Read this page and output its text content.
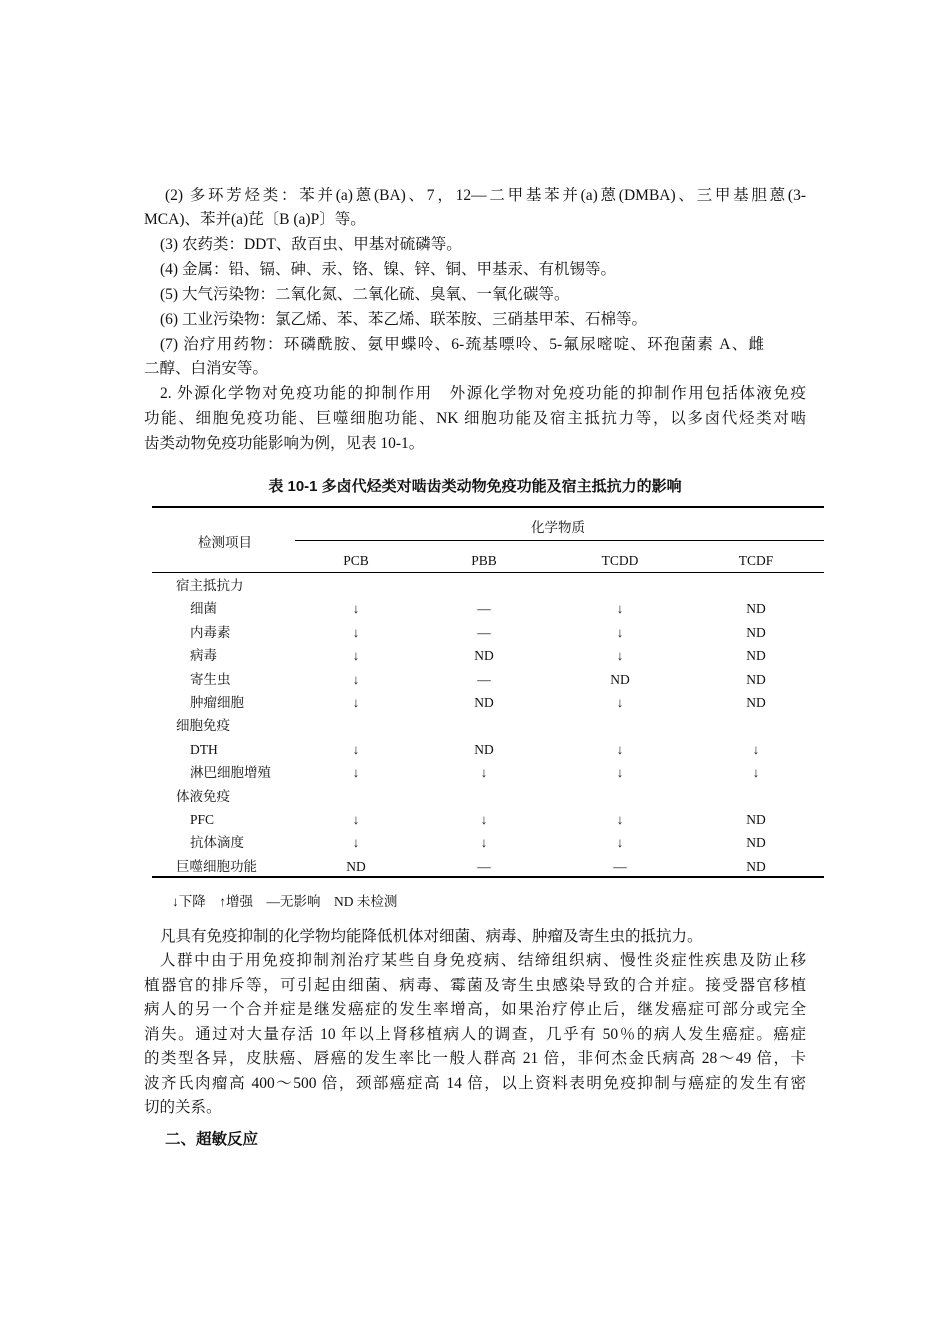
(2) 多环芳烃类：苯并(a)蒽(BA)、7，12—二甲基苯并(a)蒽(DMBA)、三甲基胆蒽(3-
MCA)、苯并(a)芘〔B (a)P〕等。
(3) 农药类：DDT、敌百虫、甲基对硫磷等。
(4) 金属：铅、镉、砷、汞、铬、镍、锌、铜、甲基汞、有机锡等。
(5) 大气污染物：二氧化氮、二氧化硫、臭氧、一氧化碳等。
(6) 工业污染物：氯乙烯、苯、苯乙烯、联苯胺、三硝基甲苯、石棉等。
(7) 治疗用药物：环磷酰胺、氨甲蝶呤、6-巯基嘌呤、5-氟尿嘧啶、环孢菌素 A、雌
二醇、白消安等。
2. 外源化学物对免疫功能的抑制作用　外源化学物对免疫功能的抑制作用包括体液免疫
功能、细胞免疫功能、巨噬细胞功能、NK 细胞功能及宿主抵抗力等，以多卤代烃类对啮
齿类动物免疫功能影响为例，见表 10-1。
表 10-1 多卤代烃类对啮齿类动物免疫功能及宿主抵抗力的影响
检测项目
化学物质
PCB	PBB	TCDD	TCDF
宿主抵抗力
细菌	↓	—	↓	ND
内毒素	↓	—	↓	ND
病毒	↓	ND	↓	ND
寄生虫	↓	—	ND	ND
肿瘤细胞	↓	ND	↓	ND
细胞免疫
DTH	↓	ND	↓	↓
淋巴细胞增殖	↓	↓	↓	↓
体液免疫
PFC	↓	↓	↓	ND
抗体滴度	↓	↓	↓	ND
巨噬细胞功能	ND	—	—	ND
↓下降    ↑增强    —无影响    ND 未检测
凡具有免疫抑制的化学物均能降低机体对细菌、病毒、肿瘤及寄生虫的抵抗力。
人群中由于用免疫抑制剂治疗某些自身免疫病、结缔组织病、慢性炎症性疾患及防止移
植器官的排斥等，可引起由细菌、病毒、霉菌及寄生虫感染导致的合并症。接受器官移植
病人的另一个合并症是继发癌症的发生率增高，如果治疗停止后，继发癌症可部分或完全
消失。通过对大量存活 10 年以上肾移植病人的调查，几乎有 50％的病人发生癌症。癌症
的类型各异，皮肤癌、唇癌的发生率比一般人群高 21 倍，非何杰金氏病高 28～49 倍，卡
波齐氏肉瘤高 400～500 倍，颈部癌症高 14 倍，以上资料表明免疫抑制与癌症的发生有密
切的关系。
二、超敏反应
